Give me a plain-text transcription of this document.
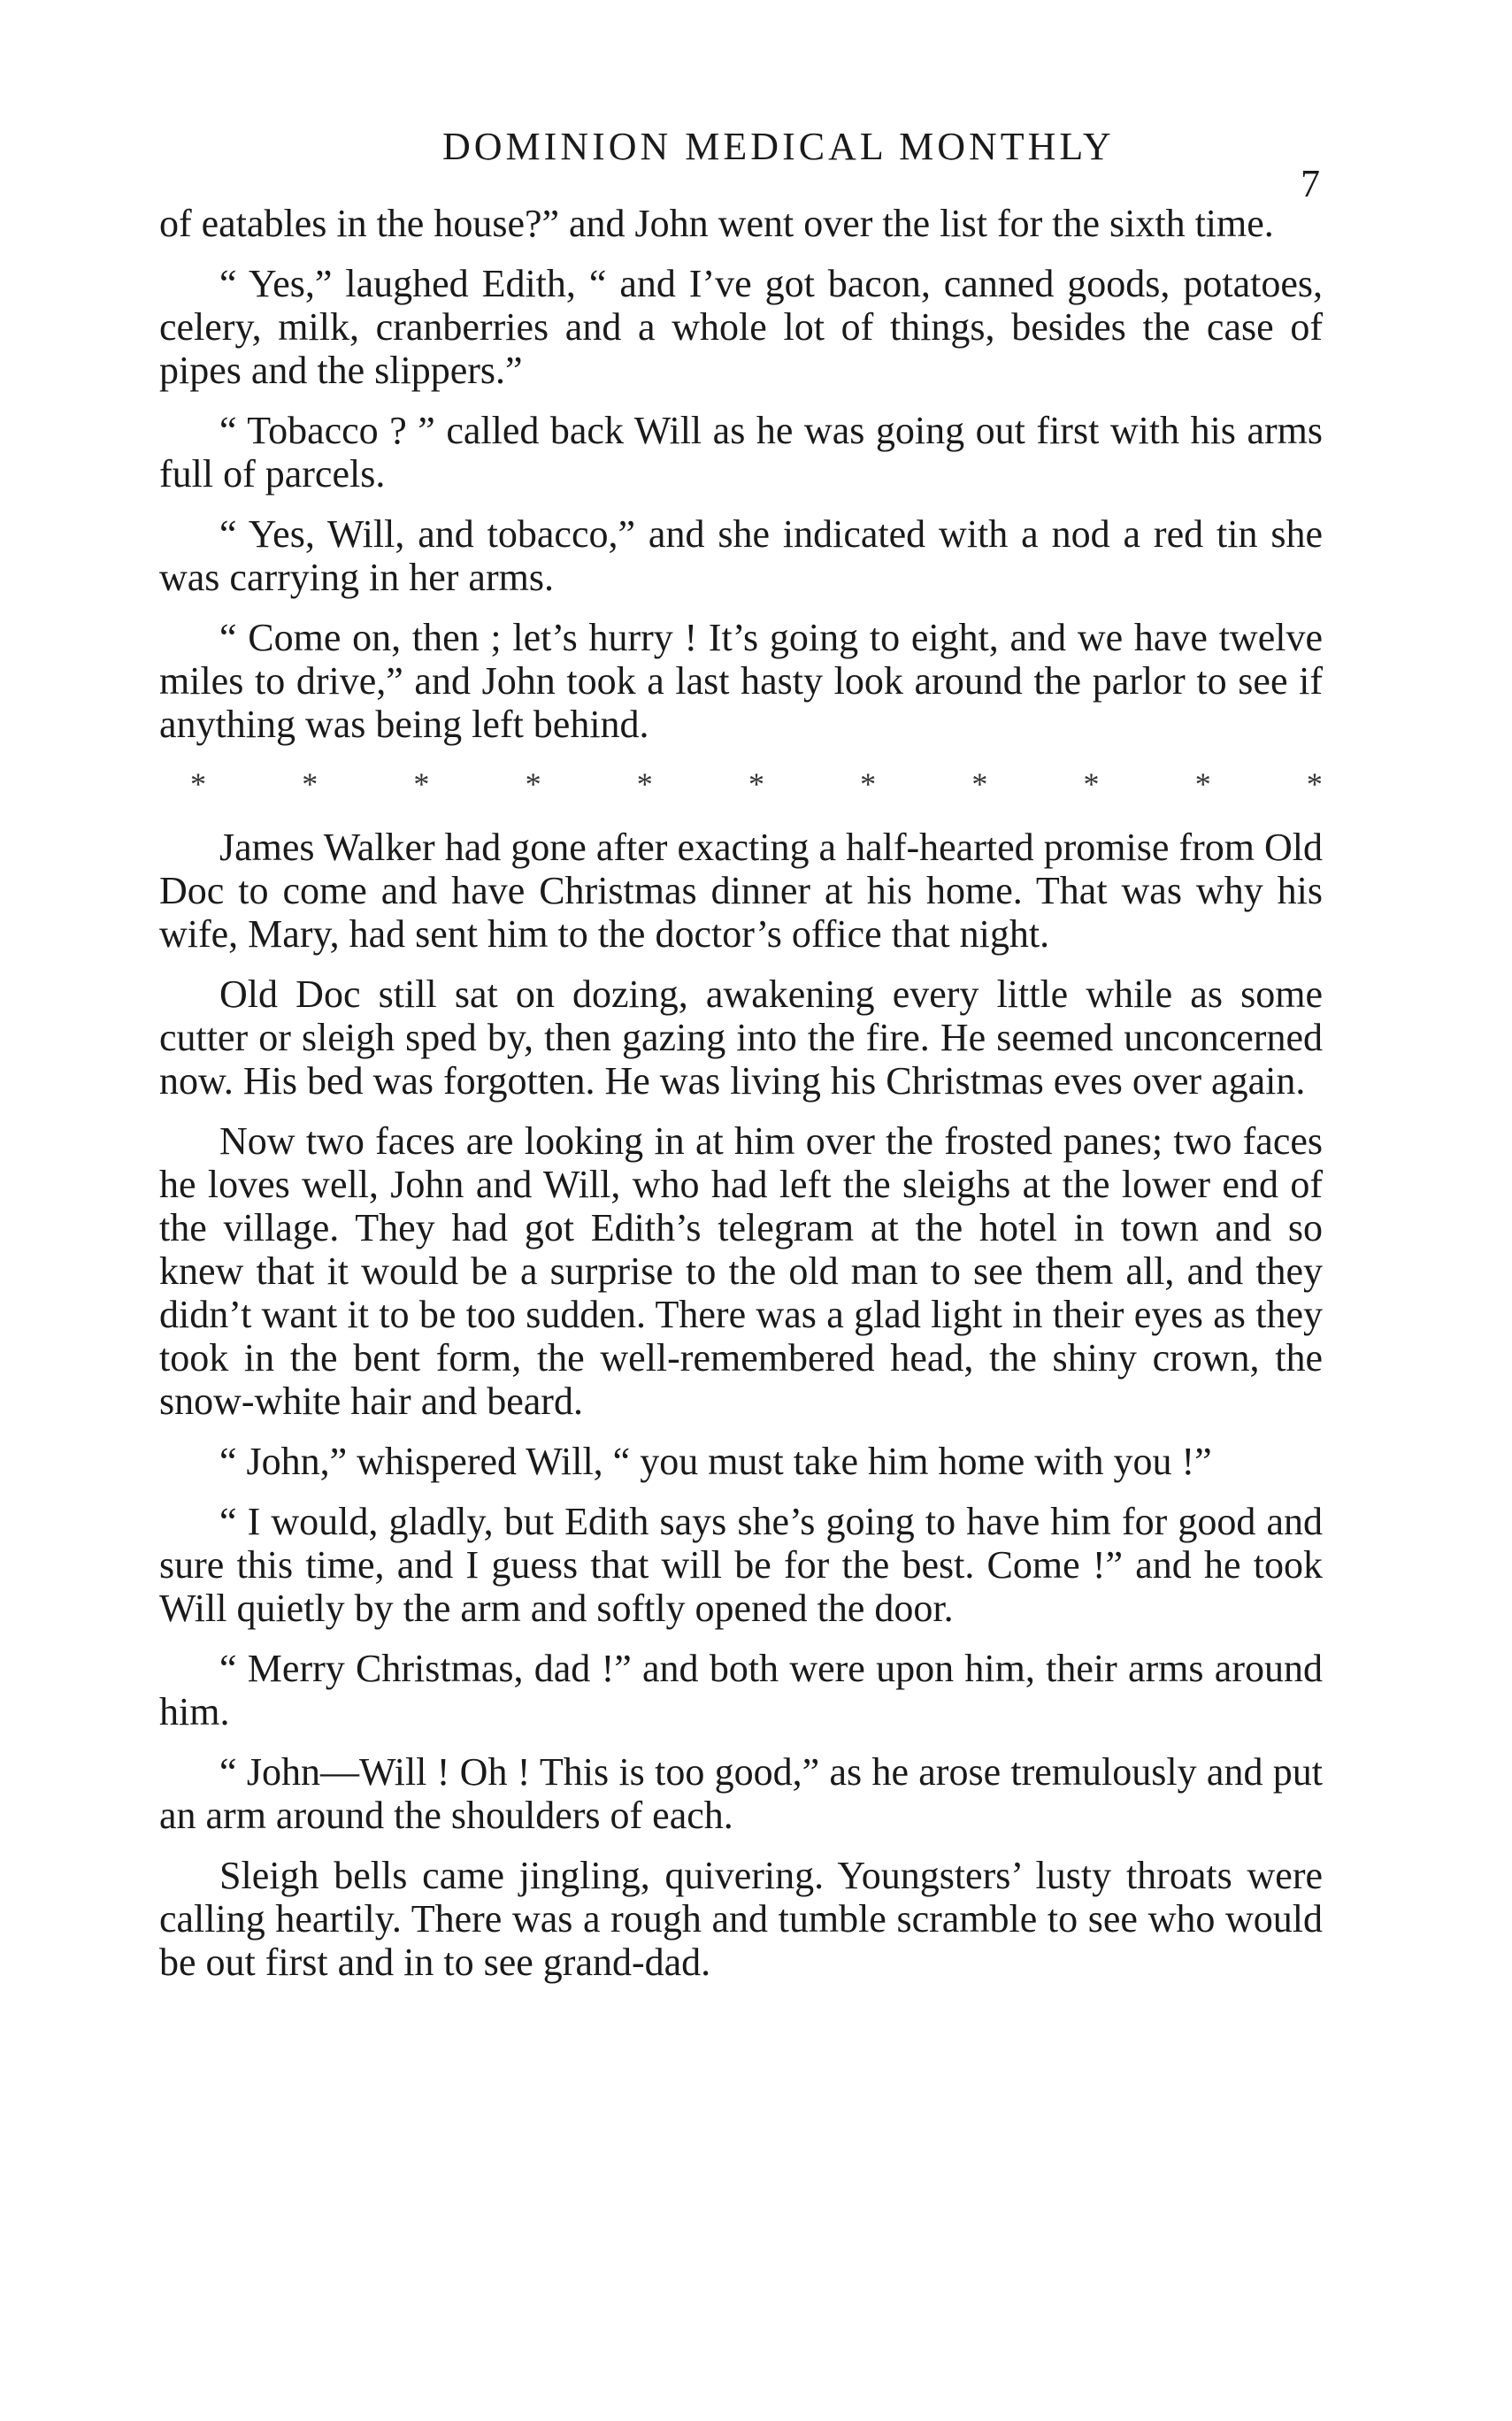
DOMINION MEDICAL MONTHLY
7

of eatables in the house?” and John went over the list for the sixth time.

“ Yes,” laughed Edith, “ and I’ve got bacon, canned goods, potatoes, celery, milk, cranberries and a whole lot of things, besides the case of pipes and the slippers.”

“ Tobacco ? ” called back Will as he was going out first with his arms full of parcels.

“ Yes, Will, and tobacco,” and she indicated with a nod a red tin she was carrying in her arms.

“ Come on, then ; let’s hurry ! It’s going to eight, and we have twelve miles to drive,” and John took a last hasty look around the parlor to see if anything was being left behind.

*	*	*	*	*	*	*	*	*	*	*

James Walker had gone after exacting a half-hearted promise from Old Doc to come and have Christmas dinner at his home. That was why his wife, Mary, had sent him to the doctor’s office that night.

Old Doc still sat on dozing, awakening every little while as some cutter or sleigh sped by, then gazing into the fire. He seemed unconcerned now. His bed was forgotten. He was living his Christmas eves over again.

Now two faces are looking in at him over the frosted panes; two faces he loves well, John and Will, who had left the sleighs at the lower end of the village. They had got Edith’s telegram at the hotel in town and so knew that it would be a surprise to the old man to see them all, and they didn’t want it to be too sudden. There was a glad light in their eyes as they took in the bent form, the well-remembered head, the shiny crown, the snow-white hair and beard.

“ John,” whispered Will, “ you must take him home with you !”

“ I would, gladly, but Edith says she’s going to have him for good and sure this time, and I guess that will be for the best. Come !” and he took Will quietly by the arm and softly opened the door.

“ Merry Christmas, dad !” and both were upon him, their arms around him.

“ John—Will ! Oh ! This is too good,” as he arose tremulously and put an arm around the shoulders of each.

Sleigh bells came jingling, quivering. Youngsters’ lusty throats were calling heartily. There was a rough and tumble scramble to see who would be out first and in to see grand-dad.
